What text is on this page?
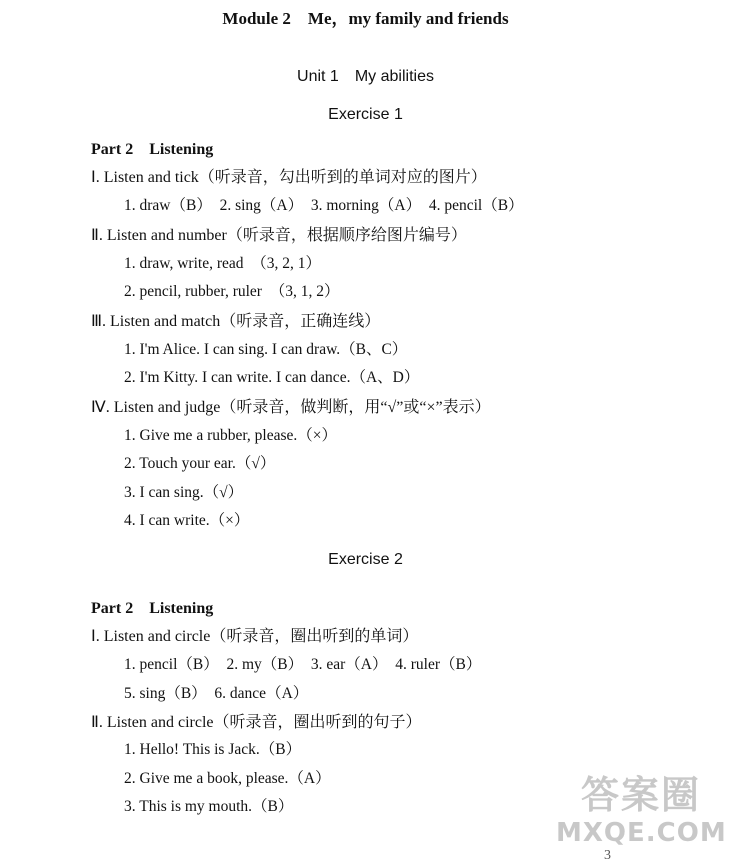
Module 2　Me，my family and friends
Unit 1　My abilities
Exercise 1
Part 2　Listening
Ⅰ. Listen and tick（听录音，勾出听到的单词对应的图片）
1. draw（B）　2. sing（A）　3. morning（A）　4. pencil（B）
Ⅱ. Listen and number（听录音，根据顺序给图片编号）
1. draw, write, read　（3, 2, 1）
2. pencil, rubber, ruler　（3, 1, 2）
Ⅲ. Listen and match（听录音，正确连线）
1. I'm Alice. I can sing. I can draw.（B、C）
2. I'm Kitty. I can write. I can dance.（A、D）
Ⅳ. Listen and judge（听录音，做判断，用“√”或“×”表示）
1. Give me a rubber, please.（×）
2. Touch your ear.（√）
3. I can sing.（√）
4. I can write.（×）
Exercise 2
Part 2　Listening
Ⅰ. Listen and circle（听录音，圈出听到的单词）
1. pencil（B）　2. my（B）　3. ear（A）　4. ruler（B）
5. sing（B）　6. dance（A）
Ⅱ. Listen and circle（听录音，圈出听到的句子）
1. Hello! This is Jack.（B）
2. Give me a book, please.（A）
3. This is my mouth.（B）	答案圈
MXQE.COM
3
